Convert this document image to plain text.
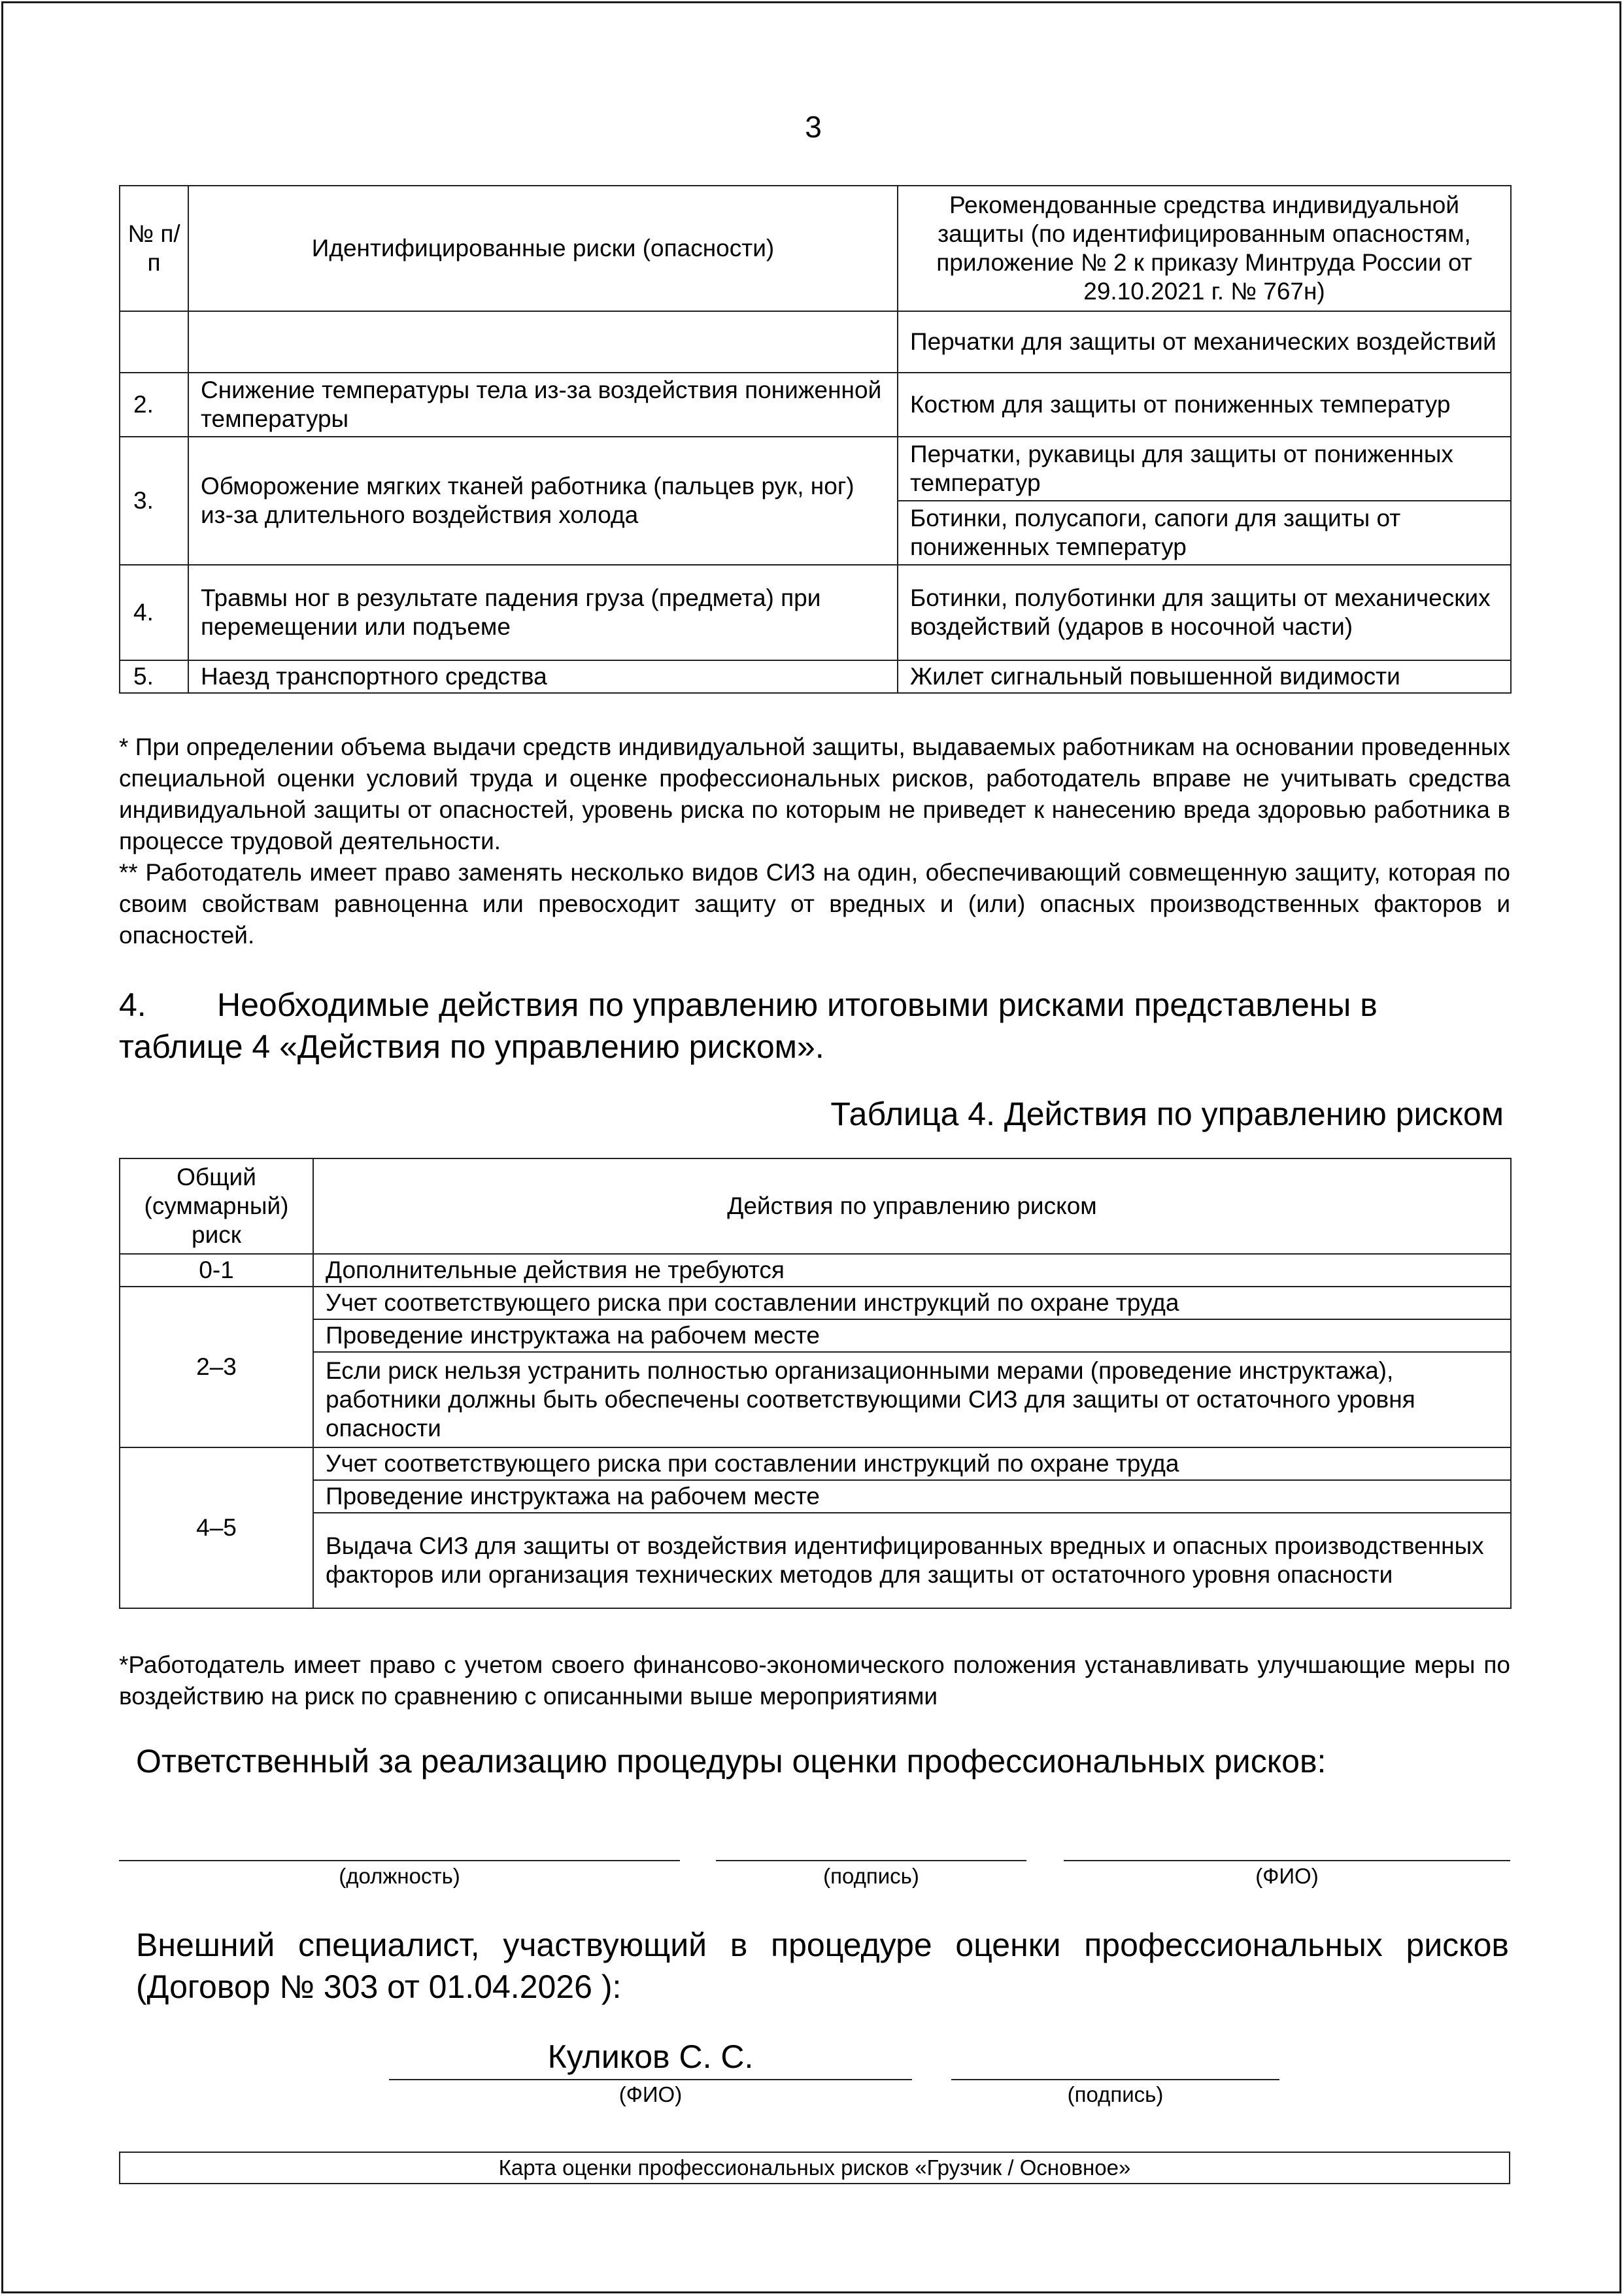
3
№ п/п	Идентифицированные риски (опасности)	Рекомендованные средства индивидуальной защиты (по идентифицированным опасностям, приложение № 2 к приказу Минтруда России от 29.10.2021 г. № 767н)
		Перчатки для защиты от механических воздействий
2.	Снижение температуры тела из-за воздействия пониженной температуры	Костюм для защиты от пониженных температур
3.	Обморожение мягких тканей работника (пальцев рук, ног) из-за длительного воздействия холода	Перчатки, рукавицы для защиты от пониженных температур
		Ботинки, полусапоги, сапоги для защиты от пониженных температур
4.	Травмы ног в результате падения груза (предмета) при перемещении или подъеме	Ботинки, полуботинки для защиты от механических воздействий (ударов в носочной части)
5.	Наезд транспортного средства	Жилет сигнальный повышенной видимости

* При определении объема выдачи средств индивидуальной защиты, выдаваемых работникам на основании проведенных специальной оценки условий труда и оценке профессиональных рисков, работодатель вправе не учитывать средства индивидуальной защиты от опасностей, уровень риска по которым не приведет к нанесению вреда здоровью работника в процессе трудовой деятельности.

** Работодатель имеет право заменять несколько видов СИЗ на один, обеспечивающий совмещенную защиту, которая по своим свойствам равноценна или превосходит защиту от вредных и (или) опасных производственных факторов и опасностей.

4. Необходимые действия по управлению итоговыми рисками представлены в таблице 4 «Действия по управлению риском».
Таблица 4. Действия по управлению риском
Общий (суммарный) риск	Действия по управлению риском
0-1	Дополнительные действия не требуются
2–3	Учет соответствующего риска при составлении инструкций по охране труда
	Проведение инструктажа на рабочем месте
	Если риск нельзя устранить полностью организационными мерами (проведение инструктажа), работники должны быть обеспечены соответствующими СИЗ для защиты от остаточного уровня опасности
4–5	Учет соответствующего риска при составлении инструкций по охране труда
	Проведение инструктажа на рабочем месте
	Выдача СИЗ для защиты от воздействия идентифицированных вредных и опасных производственных факторов или организация технических методов для защиты от остаточного уровня опасности

*Работодатель имеет право с учетом своего финансово-экономического положения устанавливать улучшающие меры по воздействию на риск по сравнению с описанными выше мероприятиями

Ответственный за реализацию процедуры оценки профессиональных рисков:
(должность)	(подпись)	(ФИО)
Внешний специалист, участвующий в процедуре оценки профессиональных рисков (Договор № 303 от 01.04.2026 ):
Куликов С. С.
(ФИО)	(подпись)
Карта оценки профессиональных рисков «Грузчик / Основное»
